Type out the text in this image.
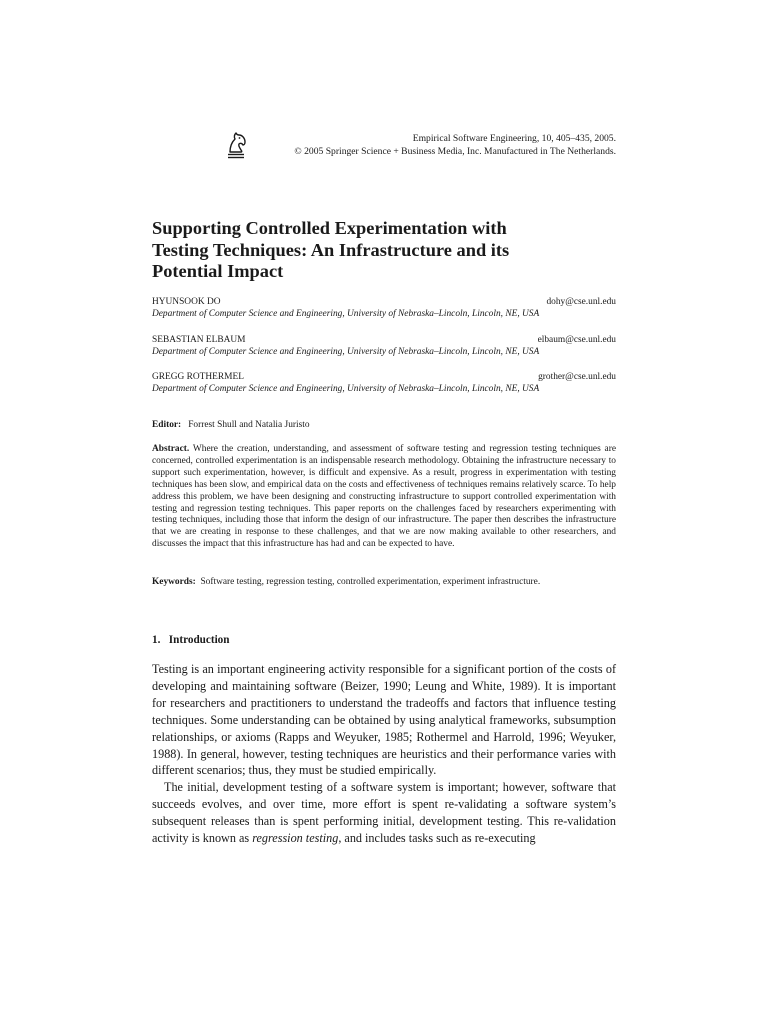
Empirical Software Engineering, 10, 405–435, 2005.
© 2005 Springer Science + Business Media, Inc. Manufactured in The Netherlands.
Supporting Controlled Experimentation with
Testing Techniques: An Infrastructure and its
Potential Impact
HYUNSOOK DO	dohy@cse.unl.edu
Department of Computer Science and Engineering, University of Nebraska–Lincoln, Lincoln, NE, USA
SEBASTIAN ELBAUM	elbaum@cse.unl.edu
Department of Computer Science and Engineering, University of Nebraska–Lincoln, Lincoln, NE, USA
GREGG ROTHERMEL	grother@cse.unl.edu
Department of Computer Science and Engineering, University of Nebraska–Lincoln, Lincoln, NE, USA
Editor: Forrest Shull and Natalia Juristo

Abstract. Where the creation, understanding, and assessment of software testing and regression testing techniques are concerned, controlled experimentation is an indispensable research methodology. Obtaining the infrastructure necessary to support such experimentation, however, is difficult and expensive. As a result, progress in experimentation with testing techniques has been slow, and empirical data on the costs and effectiveness of techniques remains relatively scarce. To help address this problem, we have been designing and constructing infrastructure to support controlled experimentation with testing and regression testing techniques. This paper reports on the challenges faced by researchers experimenting with testing techniques, including those that inform the design of our infrastructure. The paper then describes the infrastructure that we are creating in response to these challenges, and that we are now making available to other researchers, and discusses the impact that this infrastructure has had and can be expected to have.

Keywords: Software testing, regression testing, controlled experimentation, experiment infrastructure.
1.   Introduction

Testing is an important engineering activity responsible for a significant portion of the costs of developing and maintaining software (Beizer, 1990; Leung and White, 1989). It is important for researchers and practitioners to understand the tradeoffs and factors that influence testing techniques. Some understanding can be obtained by using analytical frameworks, subsumption relationships, or axioms (Rapps and Weyuker, 1985; Rothermel and Harrold, 1996; Weyuker, 1988). In general, however, testing techniques are heuristics and their performance varies with different scenarios; thus, they must be studied empirically.

The initial, development testing of a software system is important; however, software that succeeds evolves, and over time, more effort is spent re-validating a software system’s subsequent releases than is spent performing initial, development testing. This re-validation activity is known as regression testing, and includes tasks such as re-executing
